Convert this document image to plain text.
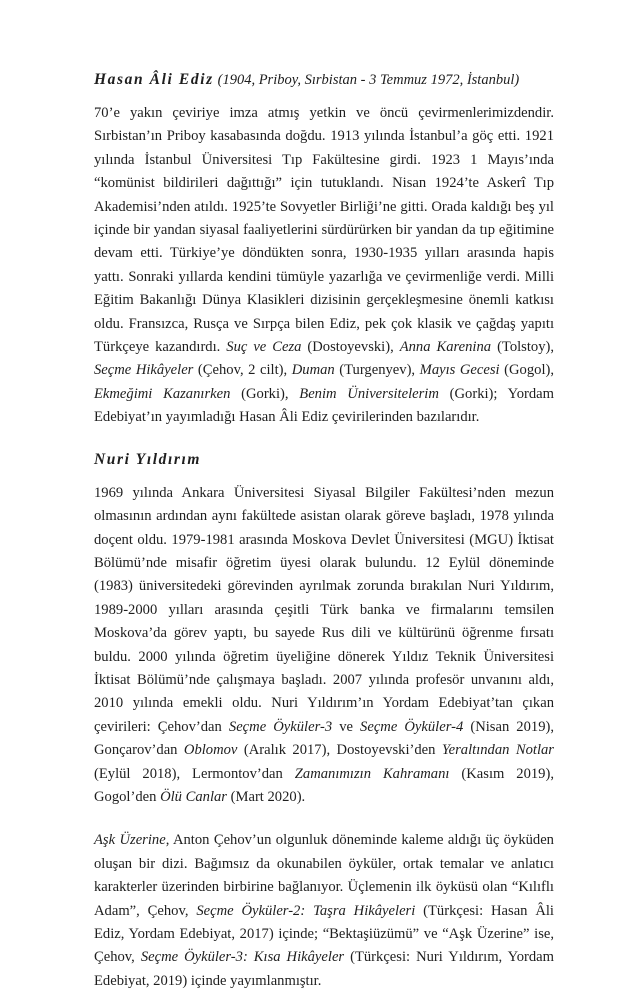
Hasan Âli Ediz (1904, Priboy, Sırbistan - 3 Temmuz 1972, İstanbul)

70’e yakın çeviriye imza atmış yetkin ve öncü çevirmenlerimizdendir. Sırbistan’ın Priboy kasabasında doğdu. 1913 yılında İstanbul’a göç etti. 1921 yılında İstanbul Üniversitesi Tıp Fakültesine girdi. 1923 1 Mayıs’ında “komünist bildirileri dağıttığı” için tutuklandı. Nisan 1924’te Askerî Tıp Akademisi’nden atıldı. 1925’te Sovyetler Birliği’ne gitti. Orada kaldığı beş yıl içinde bir yandan siyasal faaliyetlerini sürdürürken bir yandan da tıp eğitimine devam etti. Türkiye’ye döndükten sonra, 1930-1935 yılları arasında hapis yattı. Sonraki yıllarda kendini tümüyle yazarlığa ve çevirmenliğe verdi. Milli Eğitim Bakanlığı Dünya Klasikleri dizisinin gerçekleşmesine önemli katkısı oldu. Fransızca, Rusça ve Sırpça bilen Ediz, pek çok klasik ve çağdaş yapıtı Türkçeye kazandırdı. Suç ve Ceza (Dostoyevski), Anna Karenina (Tolstoy), Seçme Hikâyeler (Çehov, 2 cilt), Duman (Turgenyev), Mayıs Gecesi (Gogol), Ekmeğimi Kazanırken (Gorki), Benim Üniversitelerim (Gorki); Yordam Edebiyat’ın yayımladığı Hasan Âli Ediz çevirilerinden bazılarıdır.

Nuri Yıldırım

1969 yılında Ankara Üniversitesi Siyasal Bilgiler Fakültesi’nden mezun olmasının ardından aynı fakültede asistan olarak göreve başladı, 1978 yılında doçent oldu. 1979-1981 arasında Moskova Devlet Üniversitesi (MGU) İktisat Bölümü’nde misafir öğretim üyesi olarak bulundu. 12 Eylül döneminde (1983) üniversitedeki görevinden ayrılmak zorunda bırakılan Nuri Yıldırım, 1989-2000 yılları arasında çeşitli Türk banka ve firmalarını temsilen Moskova’da görev yaptı, bu sayede Rus dili ve kültürünü öğrenme fırsatı buldu. 2000 yılında öğretim üyeliğine dönerek Yıldız Teknik Üniversitesi İktisat Bölümü’nde çalışmaya başladı. 2007 yılında profesör unvanını aldı, 2010 yılında emekli oldu. Nuri Yıldırım’ın Yordam Edebiyat’tan çıkan çevirileri: Çehov’dan Seçme Öyküler-3 ve Seçme Öyküler-4 (Nisan 2019), Gonçarov’dan Oblomov (Aralık 2017), Dostoyevski’den Yeraltından Notlar (Eylül 2018), Lermontov’dan Zamanımızın Kahramanı (Kasım 2019), Gogol’den Ölü Canlar (Mart 2020).

Aşk Üzerine, Anton Çehov’un olgunluk döneminde kaleme aldığı üç öyküden oluşan bir dizi. Bağımsız da okunabilen öyküler, ortak temalar ve anlatıcı karakterler üzerinden birbirine bağlanıyor. Üçlemenin ilk öyküsü olan “Kılıflı Adam”, Çehov, Seçme Öyküler-2: Taşra Hikâyeleri (Türkçesi: Hasan Âli Ediz, Yordam Edebiyat, 2017) içinde; “Bektaşiüzümü” ve “Aşk Üzerine” ise, Çehov, Seçme Öyküler-3: Kısa Hikâyeler (Türkçesi: Nuri Yıldırım, Yordam Edebiyat, 2019) içinde yayımlanmıştır.
